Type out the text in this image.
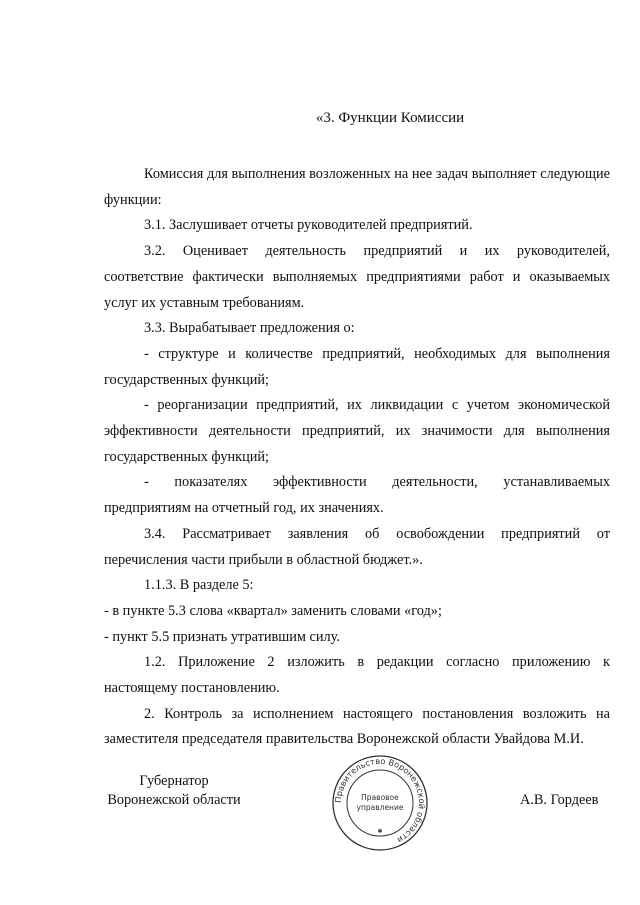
«3. Функции Комиссии

Комиссия для выполнения возложенных на нее задач выполняет следующие функции:

3.1. Заслушивает отчеты руководителей предприятий.

3.2. Оценивает деятельность предприятий и их руководителей, соответствие фактически выполняемых предприятиями работ и оказываемых услуг их уставным требованиям.

3.3. Вырабатывает предложения о:

- структуре и количестве предприятий, необходимых для выполнения государственных функций;

- реорганизации предприятий, их ликвидации с учетом экономической эффективности деятельности предприятий, их значимости для выполнения государственных функций;

- показателях эффективности деятельности, устанавливаемых предприятиям на отчетный год, их значениях.

3.4. Рассматривает заявления об освобождении предприятий от перечисления части прибыли в областной бюджет.».

1.1.3. В разделе 5:

- в пункте 5.3 слова «квартал» заменить словами «год»;

- пункт 5.5 признать утратившим силу.

1.2. Приложение 2 изложить в редакции согласно приложению к настоящему постановлению.

2. Контроль за исполнением настоящего постановления возложить на заместителя председателя правительства Воронежской области Увайдова М.И.

Губернатор
Воронежской области	Правительство Воронежской области
Правовое
управление
✱
А.В. Гордеев
